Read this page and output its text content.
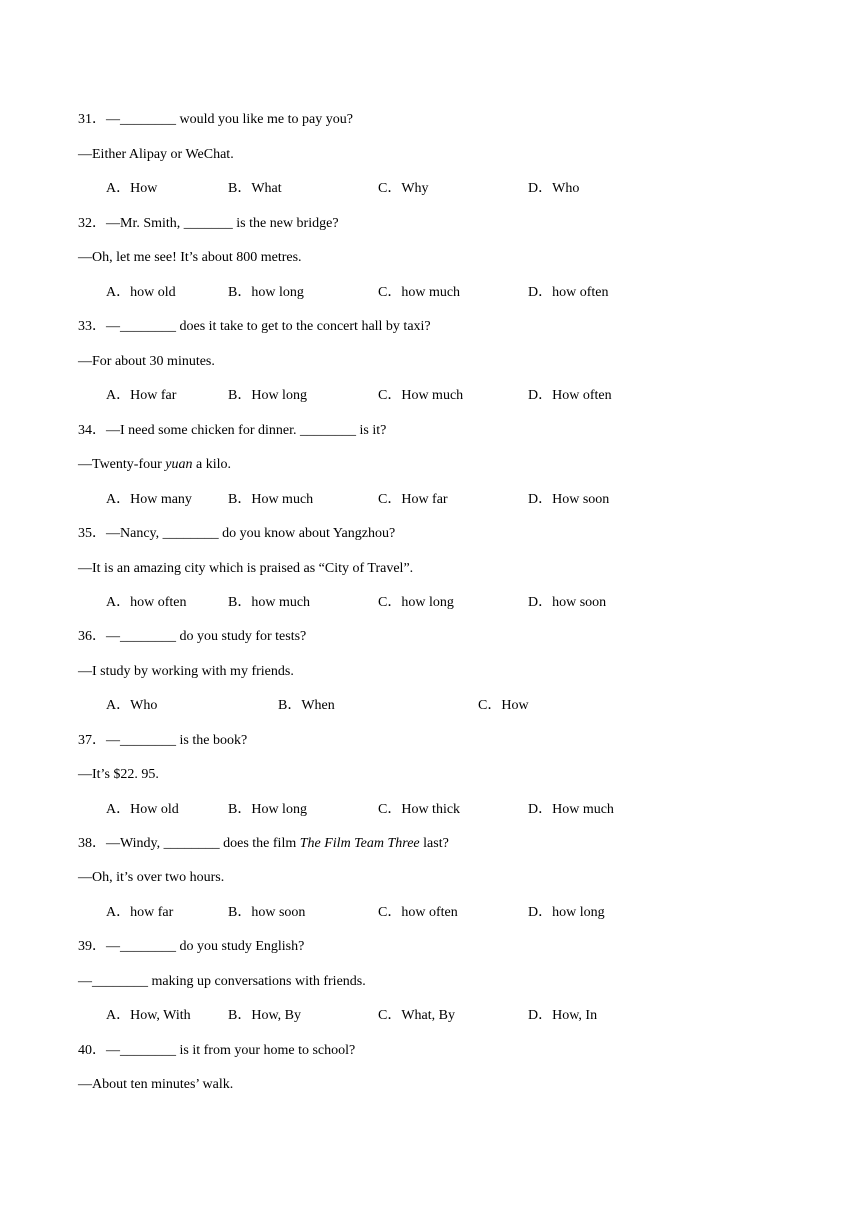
31．—________ would you like me to pay you?
—Either Alipay or WeChat.
A．How	B．What	C．Why	D．Who
32．—Mr. Smith, _______ is the new bridge?
—Oh, let me see! It’s about 800 metres.
A．how old	B．how long	C．how much	D．how often
33．—________ does it take to get to the concert hall by taxi?
—For about 30 minutes.
A．How far	B．How long	C．How much	D．How often
34．—I need some chicken for dinner. ________ is it?
—Twenty-four yuan a kilo.
A．How many	B．How much	C．How far	D．How soon
35．—Nancy, ________ do you know about Yangzhou?
—It is an amazing city which is praised as “City of Travel”.
A．how often	B．how much	C．how long	D．how soon
36．—________ do you study for tests?
—I study by working with my friends.
A．Who	B．When	C．How
37．—________ is the book?
—It’s $22. 95.
A．How old	B．How long	C．How thick	D．How much
38．—Windy, ________ does the film The Film Team Three last?
—Oh, it’s over two hours.
A．how far	B．how soon	C．how often	D．how long
39．—________ do you study English?
—________ making up conversations with friends.
A．How, With	B．How, By	C．What, By	D．How, In
40．—________ is it from your home to school?
—About ten minutes’ walk.
